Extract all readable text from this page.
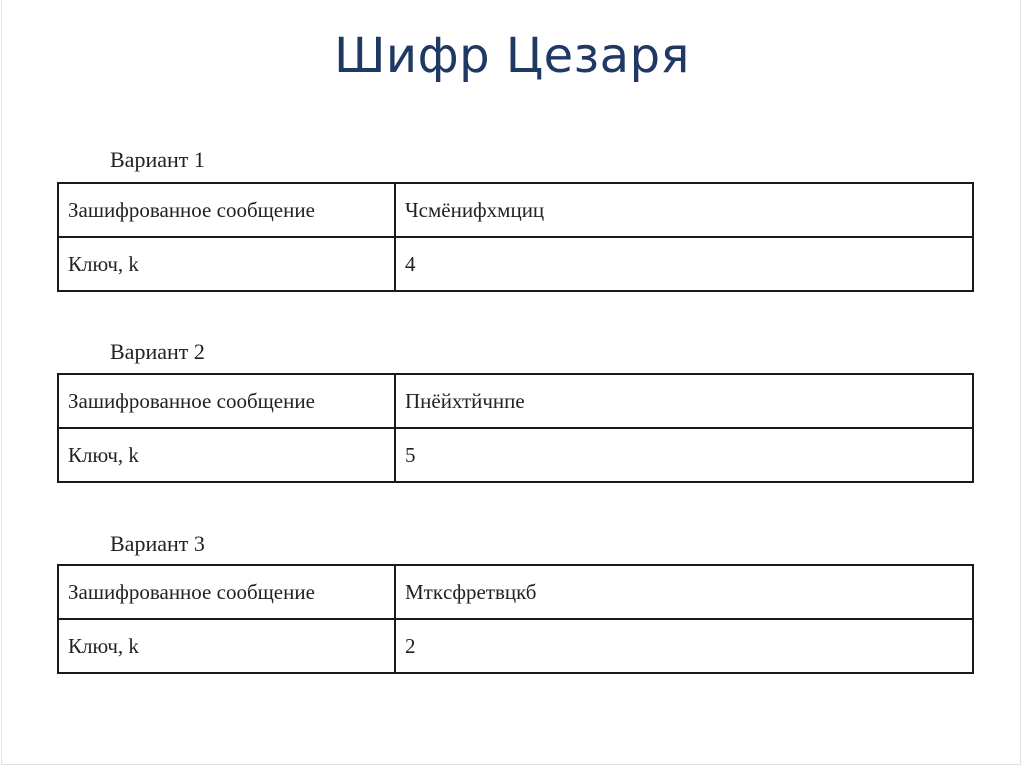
Шифр Цезаря
Вариант 1
Зашифрованное сообщение	Чсмёнифхмциц
Ключ, k	4
Вариант 2
Зашифрованное сообщение	Пнёйхтйчнпе
Ключ, k	5
Вариант 3
Зашифрованное сообщение	Мткcфретвцкб
Ключ, k	2
